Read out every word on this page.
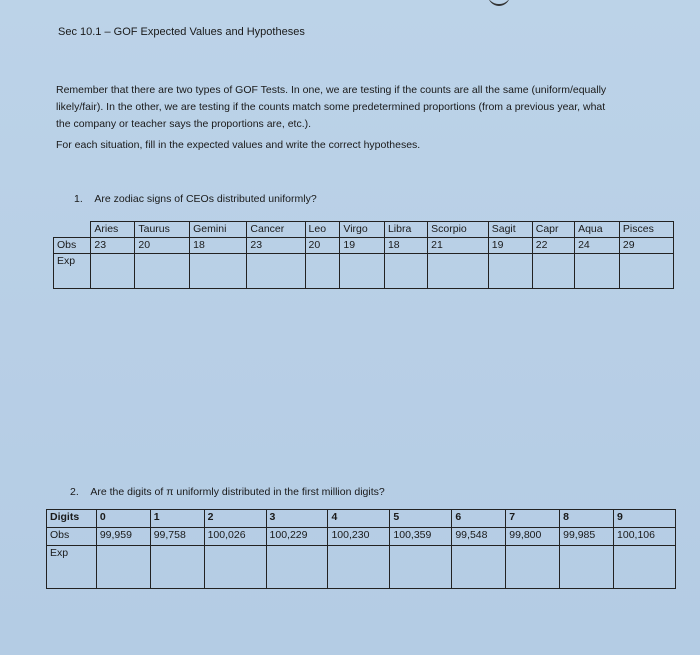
Sec 10.1 – GOF Expected Values and Hypotheses
Remember that there are two types of GOF Tests. In one, we are testing if the counts are all the same (uniform/equally likely/fair). In the other, we are testing if the counts match some predetermined proportions (from a previous year, what the company or teacher says the proportions are, etc.).
For each situation, fill in the expected values and write the correct hypotheses.
1. Are zodiac signs of CEOs distributed uniformly?
	Aries	Taurus	Gemini	Cancer	Leo	Virgo	Libra	Scorpio	Sagit	Capr	Aqua	Pisces
Obs	23	20	18	23	20	19	18	21	19	22	24	29
Exp												
2. Are the digits of π uniformly distributed in the first million digits?
Digits	0	1	2	3	4	5	6	7	8	9
Obs	99,959	99,758	100,026	100,229	100,230	100,359	99,548	99,800	99,985	100,106
Exp										
